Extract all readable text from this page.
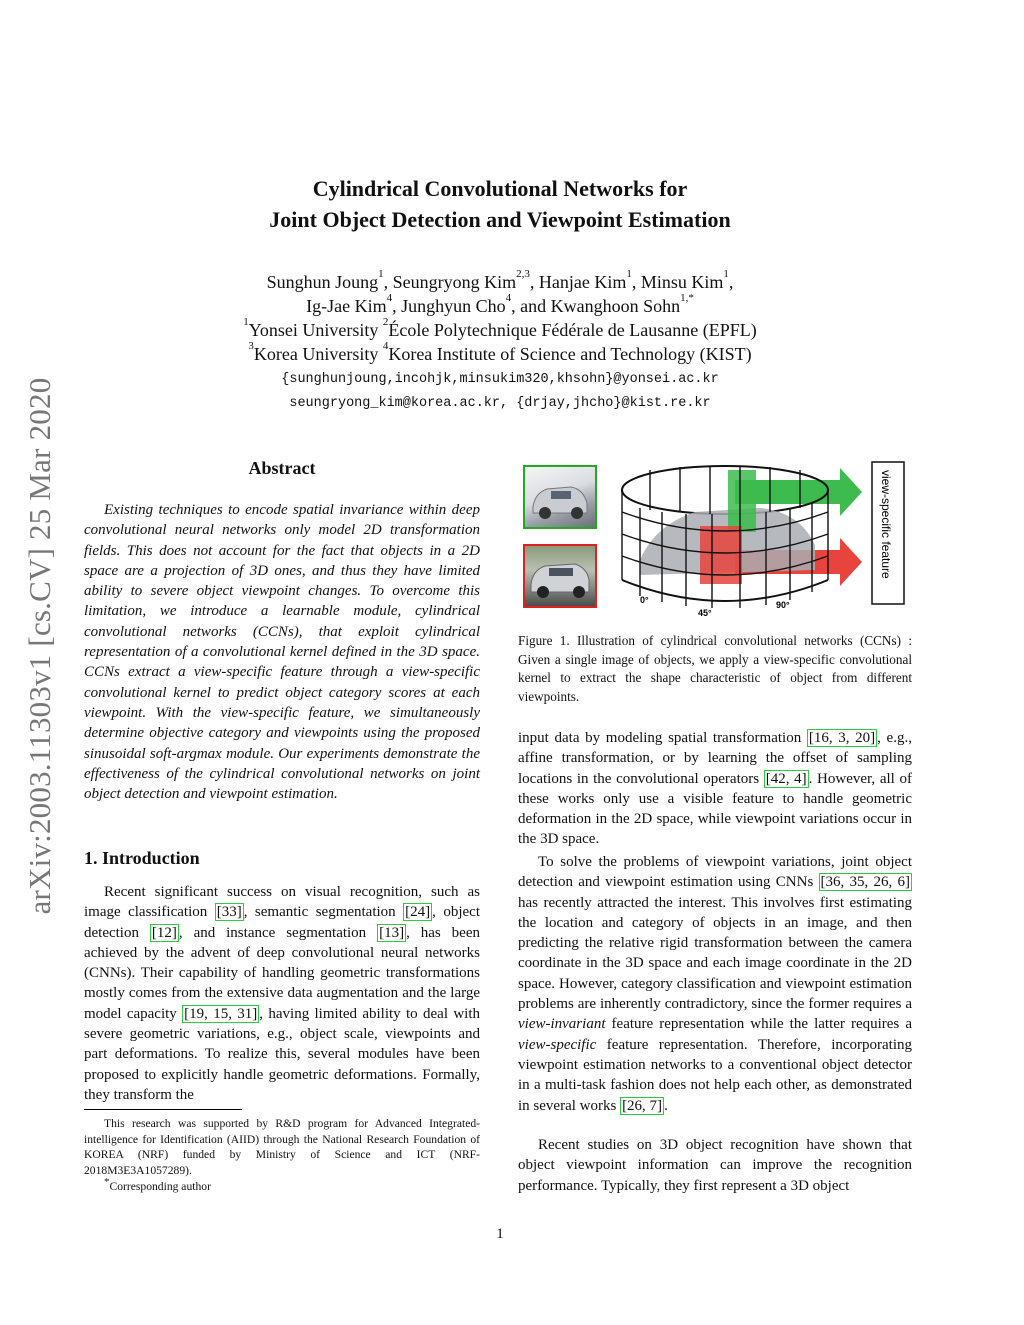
arXiv:2003.11303v1 [cs.CV] 25 Mar 2020
Cylindrical Convolutional Networks for
Joint Object Detection and Viewpoint Estimation
Sunghun Joung$^1$, Seungryong Kim$^{2,3}$, Hanjae Kim$^1$, Minsu Kim$^1$,
Ig-Jae Kim$^4$, Junghyun Cho$^4$, and Kwanghoon Sohn$^{1,*}$
$^1$Yonsei University $^2$École Polytechnique Fédérale de Lausanne (EPFL)
$^3$Korea University $^4$Korea Institute of Science and Technology (KIST)
{sunghunjoung,incohjk,minsukim320,khsohn}@yonsei.ac.kr
seungryong_kim@korea.ac.kr, {drjay,jhcho}@kist.re.kr
Abstract
Existing techniques to encode spatial invariance within deep convolutional neural networks only model 2D transformation fields. This does not account for the fact that objects in a 2D space are a projection of 3D ones, and thus they have limited ability to severe object viewpoint changes. To overcome this limitation, we introduce a learnable module, cylindrical convolutional networks (CCNs), that exploit cylindrical representation of a convolutional kernel defined in the 3D space. CCNs extract a view-specific feature through a view-specific convolutional kernel to predict object category scores at each viewpoint. With the view-specific feature, we simultaneously determine objective category and viewpoints using the proposed sinusoidal soft-argmax module. Our experiments demonstrate the effectiveness of the cylindrical convolutional networks on joint object detection and viewpoint estimation.
1. Introduction
Recent significant success on visual recognition, such as image classification [33] , semantic segmentation [24] , object detection [12] , and instance segmentation [13] , has been achieved by the advent of deep convolutional neural networks (CNNs). Their capability of handling geometric transformations mostly comes from the extensive data augmentation and the large model capacity [19, 15, 31] , having limited ability to deal with severe geometric variations, e.g., object scale, viewpoints and part deformations. To realize this, several modules have been proposed to explicitly handle geometric deformations. Formally, they transform the
This research was supported by R&D program for Advanced Integrated-intelligence for Identification (AIID) through the National Research Foundation of KOREA (NRF) funded by Ministry of Science and ICT (NRF-2018M3E3A1057289).
*Corresponding author
0°
45°
90°
view-specific feature
Figure 1. Illustration of cylindrical convolutional networks (CCNs) : Given a single image of objects, we apply a view-specific convolutional kernel to extract the shape characteristic of object from different viewpoints.
input data by modeling spatial transformation [16, 3, 20] , e.g., affine transformation, or by learning the offset of sampling locations in the convolutional operators [42, 4] . However, all of these works only use a visible feature to handle geometric deformation in the 2D space, while viewpoint variations occur in the 3D space.
To solve the problems of viewpoint variations, joint object detection and viewpoint estimation using CNNs [36, 35, 26, 6] has recently attracted the interest. This involves first estimating the location and category of objects in an image, and then predicting the relative rigid transformation between the camera coordinate in the 3D space and each image coordinate in the 2D space. However, category classification and viewpoint estimation problems are inherently contradictory, since the former requires a view-invariant feature representation while the latter requires a view-specific feature representation. Therefore, incorporating viewpoint estimation networks to a conventional object detector in a multi-task fashion does not help each other, as demonstrated in several works [26, 7] .
Recent studies on 3D object recognition have shown that object viewpoint information can improve the recognition performance. Typically, they first represent a 3D object
1
